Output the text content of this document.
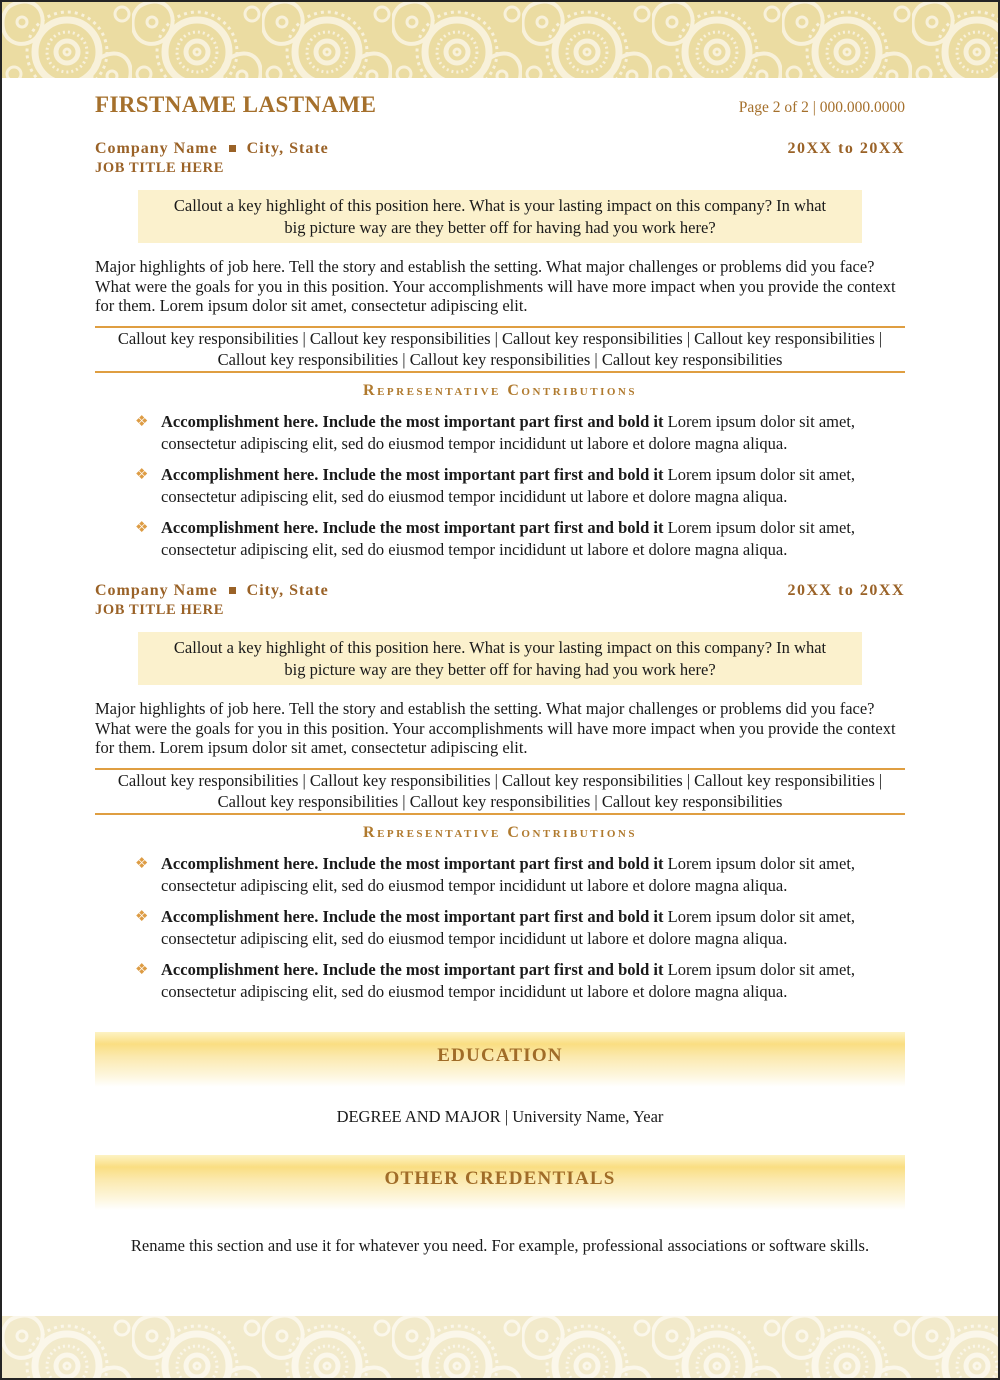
FIRSTNAME LASTNAME	Page 2 of 2 | 000.000.0000
Company Name City, State	20XX to 20XX
JOB TITLE HERE
Callout a key highlight of this position here. What is your lasting impact on this company? In what big picture way are they better off for having had you work here?

Major highlights of job here. Tell the story and establish the setting. What major challenges or problems did you face? What were the goals for you in this position. Your accomplishments will have more impact when you provide the context for them. Lorem ipsum dolor sit amet, consectetur adipiscing elit.

Callout key responsibilities | Callout key responsibilities | Callout key responsibilities | Callout key responsibilities | Callout key responsibilities | Callout key responsibilities | Callout key responsibilities
Representative Contributions
❖ Accomplishment here. Include the most important part first and bold it Lorem ipsum dolor sit amet, consectetur adipiscing elit, sed do eiusmod tempor incididunt ut labore et dolore magna aliqua.

❖ Accomplishment here. Include the most important part first and bold it Lorem ipsum dolor sit amet, consectetur adipiscing elit, sed do eiusmod tempor incididunt ut labore et dolore magna aliqua.

❖ Accomplishment here. Include the most important part first and bold it Lorem ipsum dolor sit amet, consectetur adipiscing elit, sed do eiusmod tempor incididunt ut labore et dolore magna aliqua.

Company Name City, State	20XX to 20XX
JOB TITLE HERE
Callout a key highlight of this position here. What is your lasting impact on this company? In what big picture way are they better off for having had you work here?

Major highlights of job here. Tell the story and establish the setting. What major challenges or problems did you face? What were the goals for you in this position. Your accomplishments will have more impact when you provide the context for them. Lorem ipsum dolor sit amet, consectetur adipiscing elit.

Callout key responsibilities | Callout key responsibilities | Callout key responsibilities | Callout key responsibilities | Callout key responsibilities | Callout key responsibilities | Callout key responsibilities
Representative Contributions
❖ Accomplishment here. Include the most important part first and bold it Lorem ipsum dolor sit amet, consectetur adipiscing elit, sed do eiusmod tempor incididunt ut labore et dolore magna aliqua.

❖ Accomplishment here. Include the most important part first and bold it Lorem ipsum dolor sit amet, consectetur adipiscing elit, sed do eiusmod tempor incididunt ut labore et dolore magna aliqua.

❖ Accomplishment here. Include the most important part first and bold it Lorem ipsum dolor sit amet, consectetur adipiscing elit, sed do eiusmod tempor incididunt ut labore et dolore magna aliqua.

EDUCATION
DEGREE AND MAJOR | University Name, Year
OTHER CREDENTIALS
Rename this section and use it for whatever you need. For example, professional associations or software skills.
